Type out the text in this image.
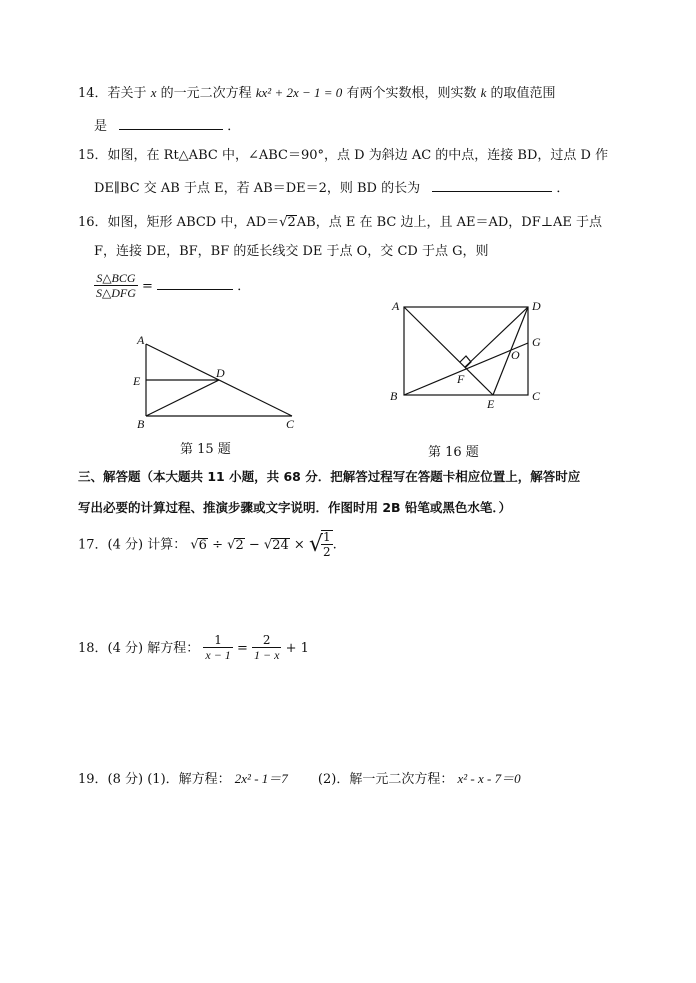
14．若关于 x 的一元二次方程 kx² + 2x − 1 = 0 有两个实数根，则实数 k 的取值范围
是	．
15．如图，在 Rt△ABC 中，∠ABC＝90°，点 D 为斜边 AC 的中点，连接 BD，过点 D 作
DE∥BC 交 AB 于点 E，若 AB＝DE＝2，则 BD 的长为	．
16．如图，矩形 ABCD 中，AD＝√2AB，点 E 在 BC 边上，且 AE＝AD，DF⊥AE 于点
F，连接 DE，BF，BF 的延长线交 DE 于点 O，交 CD 于点 G，则
$\frac{\text{S△BCG}}{\text{S△DFG}}$ =	．
A
E
D
B	C
第 15 题
A	D
G
O
F
B
E
C
第 16 题
三、解答题（本大题共 11 小题，共 68 分．把解答过程写在答题卡相应位置上，解答时应
写出必要的计算过程、推演步骤或文字说明．作图时用 2B 铅笔或黑色水笔．）
17．(4 分) 计算： √6 ÷ √2 − √24 × √
$\frac{1}{2}$ .
18．(4 分) 解方程： $\frac{1}{x - 1} = \frac{2}{1 - x} + 1$
19．(8 分) (1)．解方程： 2x² - 1＝7 (2)．解一元二次方程： x² - x - 7＝0
